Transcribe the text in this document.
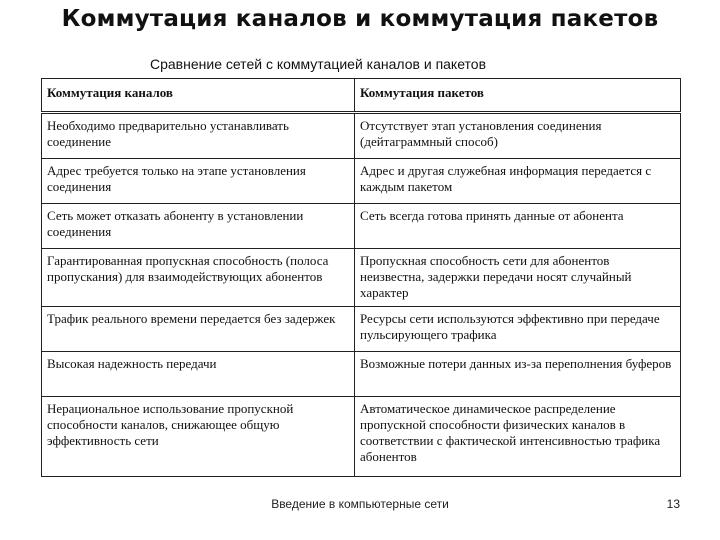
Коммутация каналов и коммутация пакетов
Сравнение сетей с коммутацией каналов и пакетов
Коммутация каналов	Коммутация пакетов
Необходимо предварительно устанавливать соединение	Отсутствует этап установления соединения (дейтаграммный способ)
Адрес требуется только на этапе установления соединения	Адрес и другая служебная информация передается с каждым пакетом
Сеть может отказать абоненту в установлении соединения	Сеть всегда готова принять данные от абонента
Гарантированная пропускная способность (полоса пропускания) для взаимодействующих абонентов	Пропускная способность сети для абонентов неизвестна, задержки передачи носят случайный характер
Трафик реального времени передается без задержек	Ресурсы сети используются эффективно при передаче пульсирующего трафика
Высокая надежность передачи	Возможные потери данных из-за переполнения буферов
Нерациональное использование пропускной способности каналов, снижающее общую эффективность сети	Автоматическое динамическое распределение пропускной способности физических каналов в соответствии с фактической интенсивностью трафика абонентов
Введение в компьютерные сети	13
